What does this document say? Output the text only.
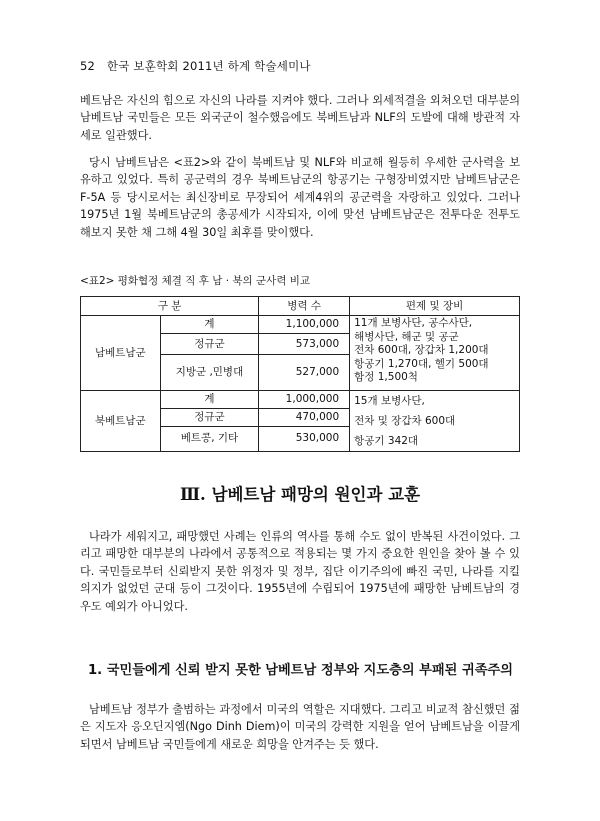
52 한국 보훈학회 2011년 하계 학술세미나

베트남은 자신의 힘으로 자신의 나라를 지켜야 했다. 그러나 외세적결을 외쳐오던 대부분의 남베트남 국민들은 모든 외국군이 철수했음에도 북베트남과 NLF의 도발에 대해 방관적 자세로 일관했다.

당시 남베트남은 <표2>와 같이 북베트남 및 NLF와 비교해 월등히 우세한 군사력을 보유하고 있었다. 특히 공군력의 경우 북베트남군의 항공기는 구형장비였지만 남베트남군은 F-5A 등 당시로서는 최신장비로 무장되어 세계4위의 공군력을 자랑하고 있었다. 그러나 1975년 1월 북베트남군의 총공세가 시작되자, 이에 맞선 남베트남군은 전투다운 전투도 해보지 못한 채 그해 4월 30일 최후를 맞이했다.

<표2> 평화협정 체결 직 후 남 · 북의 군사력 비교
구 분		병력 수	편제 및 장비
남베트남군	계	1,100,000	11개 보병사단, 공수사단,
해병사단, 해군 및 공군
전차 600대, 장갑차 1,200대
항공기 1,270대, 헬기 500대
함정 1,500척

	정규군	573,000	
	지방군 ,민병대	527,000	
북베트남군	계	1,000,000	15개 보병사단,
전차 및 장갑차 600대
항공기 342대

	정규군	470,000	
	베트콩, 기타	530,000	
Ⅲ. 남베트남 패망의 원인과 교훈

나라가 세워지고, 패망했던 사례는 인류의 역사를 통해 수도 없이 반복된 사건이었다. 그리고 패망한 대부분의 나라에서 공통적으로 적용되는 몇 가지 중요한 원인을 찾아 볼 수 있다. 국민들로부터 신뢰받지 못한 위정자 및 정부, 집단 이기주의에 빠진 국민, 나라를 지킬 의지가 없었던 군대 등이 그것이다. 1955년에 수립되어 1975년에 패망한 남베트남의 경우도 예외가 아니었다.

1. 국민들에게 신뢰 받지 못한 남베트남 정부와 지도층의 부패된 귀족주의

남베트남 정부가 출범하는 과정에서 미국의 역할은 지대했다. 그리고 비교적 참신했던 젊은 지도자 응오딘지엠(Ngo Dinh Diem)이 미국의 강력한 지원을 얻어 남베트남을 이끌게 되면서 남베트남 국민들에게 새로운 희망을 안겨주는 듯 했다.
